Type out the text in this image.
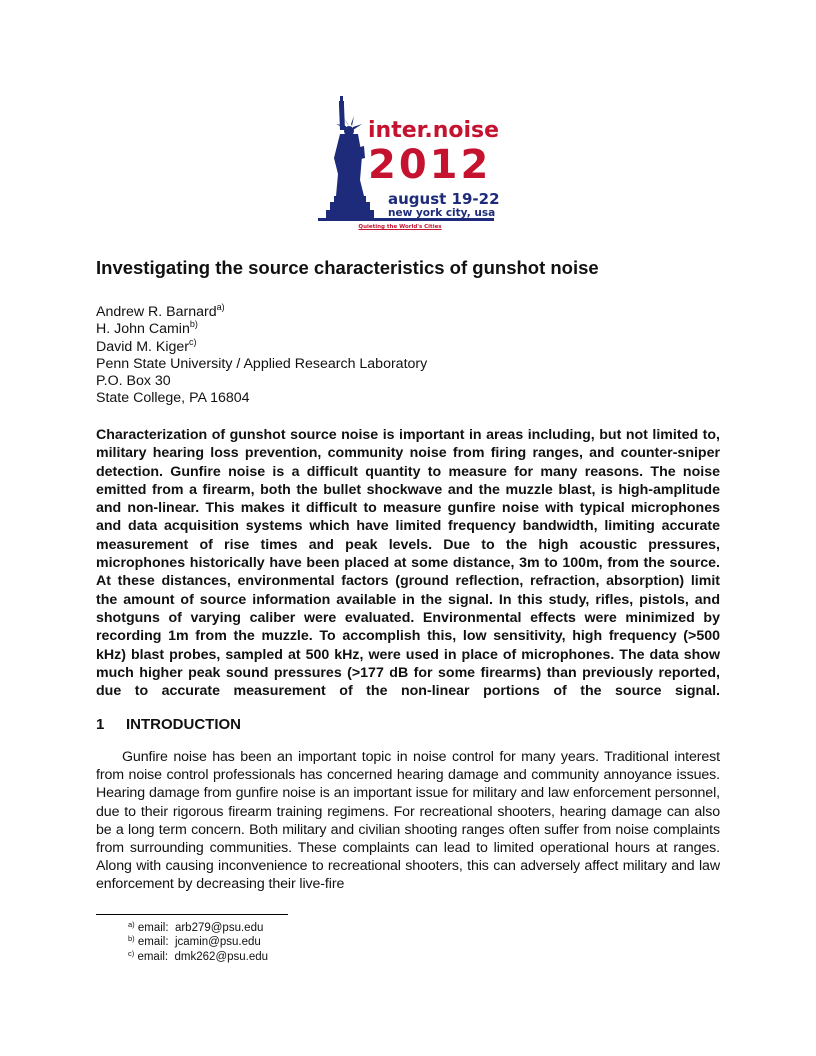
inter.noise
2012
august 19-22
new york city, usa
Quieting the World's Cities
Investigating the source characteristics of gunshot noise
Andrew R. Barnard$^{a)}$
H. John Camin$^{b)}$
David M. Kiger$^{c)}$
Penn State University / Applied Research Laboratory
P.O. Box 30
State College, PA 16804

Characterization of gunshot source noise is important in areas including, but not limited to, military hearing loss prevention, community noise from firing ranges, and counter-sniper detection. Gunfire noise is a difficult quantity to measure for many reasons. The noise emitted from a firearm, both the bullet shockwave and the muzzle blast, is high-amplitude and non-linear. This makes it difficult to measure gunfire noise with typical microphones and data acquisition systems which have limited frequency bandwidth, limiting accurate measurement of rise times and peak levels. Due to the high acoustic pressures, microphones historically have been placed at some distance, 3m to 100m, from the source. At these distances, environmental factors (ground reflection, refraction, absorption) limit the amount of source information available in the signal. In this study, rifles, pistols, and shotguns of varying caliber were evaluated. Environmental effects were minimized by recording 1m from the muzzle. To accomplish this, low sensitivity, high frequency (>500 kHz) blast probes, sampled at 500 kHz, were used in place of microphones. The data show much higher peak sound pressures (>177 dB for some firearms) than previously reported, due to accurate measurement of the non-linear portions of the source signal.

1 INTRODUCTION

Gunfire noise has been an important topic in noise control for many years. Traditional interest from noise control professionals has concerned hearing damage and community annoyance issues. Hearing damage from gunfire noise is an important issue for military and law enforcement personnel, due to their rigorous firearm training regimens. For recreational shooters, hearing damage can also be a long term concern. Both military and civilian shooting ranges often suffer from noise complaints from surrounding communities. These complaints can lead to limited operational hours at ranges. Along with causing inconvenience to recreational shooters, this can adversely affect military and law enforcement by decreasing their live-fire

$^{a)}$ email: arb279@psu.edu
$^{b)}$ email: jcamin@psu.edu
$^{c)}$ email: dmk262@psu.edu
